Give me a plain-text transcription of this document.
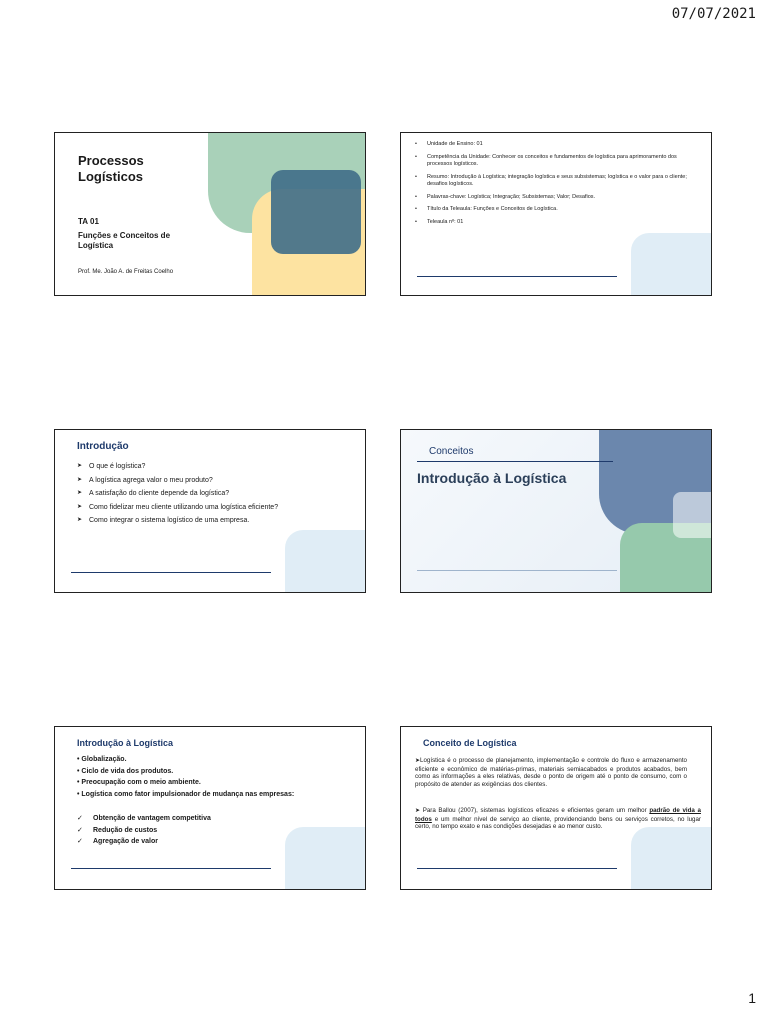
07/07/2021
Processos Logísticos
TA 01
Funções e Conceitos de Logística
Prof. Me. João A. de Freitas Coelho
• Unidade de Ensino: 01
• Competência da Unidade: Conhecer os conceitos e fundamentos de logística para aprimoramento dos processos logísticos.
• Resumo: Introdução à Logística; integração logística e seus subsistemas; logística e o valor para o cliente; desafios logísticos.
• Palavras-chave: Logística; Integração; Subsistemas; Valor; Desafios.
• Título da Teleaula: Funções e Conceitos de Logística.
• Teleaula nº: 01
Introdução
➤ O que é logística?
➤ A logística agrega valor o meu produto?
➤ A satisfação do cliente depende da logística?
➤ Como fidelizar meu cliente utilizando uma logística eficiente?
➤ Como integrar o sistema logístico de uma empresa.
Conceitos
Introdução à Logística
Introdução à Logística
• Globalização.
• Ciclo de vida dos produtos.
• Preocupação com o meio ambiente.
• Logística como fator impulsionador de mudança nas empresas:
✓ Obtenção de vantagem competitiva
✓ Redução de custos
✓ Agregação de valor
Conceito de Logística
➤Logística é o processo de planejamento, implementação e controle do fluxo e armazenamento eficiente e econômico de matérias-primas, materiais semiacabados e produtos acabados, bem como as informações a eles relativas, desde o ponto de origem até o ponto de consumo, com o propósito de atender as exigências dos clientes.
➤ Para Ballou (2007), sistemas logísticos eficazes e eficientes geram um melhor padrão de vida a todos e um melhor nível de serviço ao cliente, providenciando bens ou serviços corretos, no lugar certo, no tempo exato e nas condições desejadas e ao menor custo.
1
